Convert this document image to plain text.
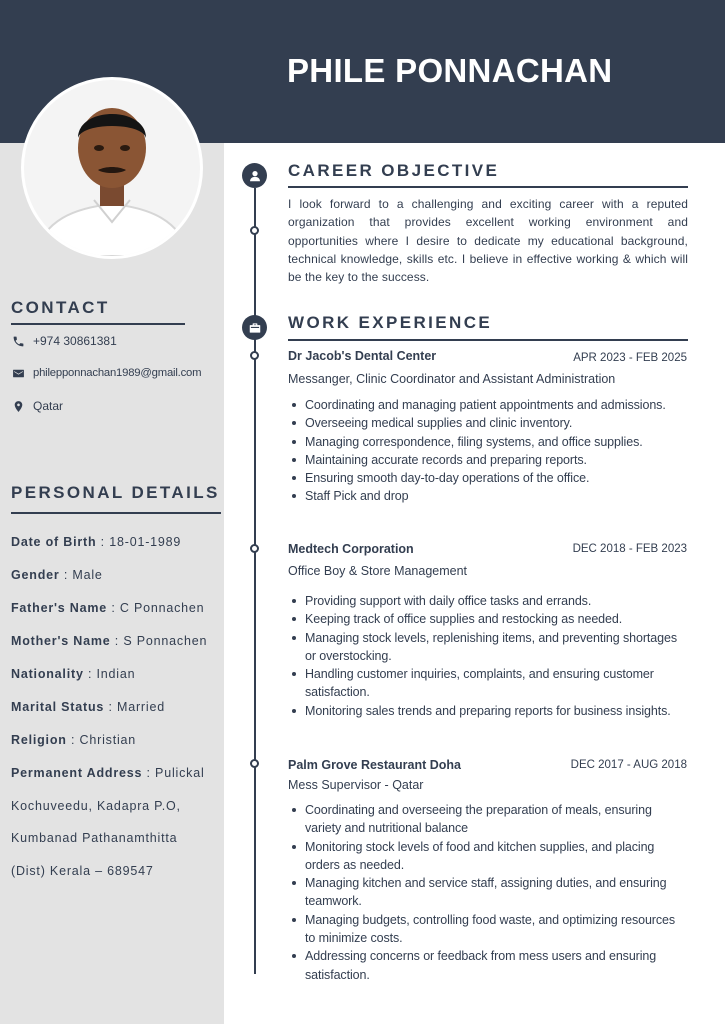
PHILE PONNACHAN
CONTACT
+974 30861381
philepponnachan1989@gmail.com
Qatar
PERSONAL DETAILS
Date of Birth : 18-01-1989
Gender : Male
Father's Name : C Ponnachen
Mother's Name : S Ponnachen
Nationality : Indian
Marital Status : Married
Religion : Christian
Permanent Address : Pulickal
Kochuveedu, Kadapra P.O,
Kumbanad Pathanamthitta
(Dist) Kerala – 689547
CAREER OBJECTIVE
I look forward to a challenging and exciting career with a reputed organization that provides excellent working environment and opportunities where I desire to dedicate my educational background, technical knowledge, skills etc. I believe in effective working & which will be the key to the success.
WORK EXPERIENCE
Dr Jacob's Dental Center	APR 2023 - FEB 2025
Messanger, Clinic Coordinator and Assistant Administration
Coordinating and managing patient appointments and admissions.
Overseeing medical supplies and clinic inventory.
Managing correspondence, filing systems, and office supplies.
Maintaining accurate records and preparing reports.
Ensuring smooth day-to-day operations of the office.
Staff Pick and drop
Medtech Corporation	DEC 2018 - FEB 2023
Office Boy & Store Management
Providing support with daily office tasks and errands.
Keeping track of office supplies and restocking as needed.
Managing stock levels, replenishing items, and preventing shortages or overstocking.
Handling customer inquiries, complaints, and ensuring customer satisfaction.
Monitoring sales trends and preparing reports for business insights.
Palm Grove Restaurant Doha	DEC 2017 - AUG 2018
Mess Supervisor - Qatar
Coordinating and overseeing the preparation of meals, ensuring variety and nutritional balance
Monitoring stock levels of food and kitchen supplies, and placing orders as needed.
Managing kitchen and service staff, assigning duties, and ensuring teamwork.
Managing budgets, controlling food waste, and optimizing resources to minimize costs.
Addressing concerns or feedback from mess users and ensuring satisfaction.
